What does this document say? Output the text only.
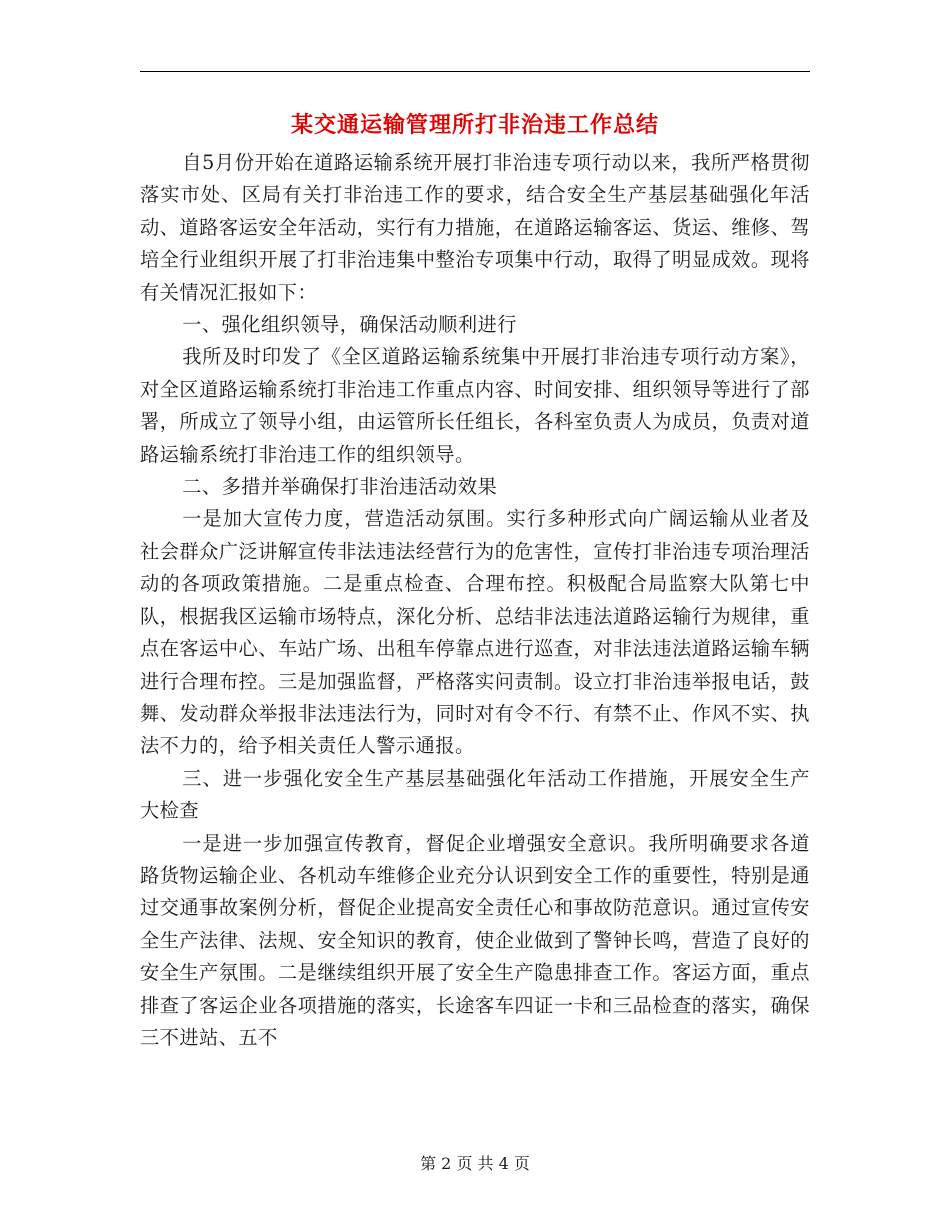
某交通运输管理所打非治违工作总结

自5月份开始在道路运输系统开展打非治违专项行动以来，我所严格贯彻落实市处、区局有关打非治违工作的要求，结合安全生产基层基础强化年活动、道路客运安全年活动，实行有力措施，在道路运输客运、货运、维修、驾培全行业组织开展了打非治违集中整治专项集中行动，取得了明显成效。现将有关情况汇报如下：

一、强化组织领导，确保活动顺利进行

我所及时印发了《全区道路运输系统集中开展打非治违专项行动方案》，对全区道路运输系统打非治违工作重点内容、时间安排、组织领导等进行了部署，所成立了领导小组，由运管所长任组长，各科室负责人为成员，负责对道路运输系统打非治违工作的组织领导。

二、多措并举确保打非治违活动效果

一是加大宣传力度，营造活动氛围。实行多种形式向广阔运输从业者及社会群众广泛讲解宣传非法违法经营行为的危害性，宣传打非治违专项治理活动的各项政策措施。二是重点检查、合理布控。积极配合局监察大队第七中队，根据我区运输市场特点，深化分析、总结非法违法道路运输行为规律，重点在客运中心、车站广场、出租车停靠点进行巡查，对非法违法道路运输车辆进行合理布控。三是加强监督，严格落实问责制。设立打非治违举报电话，鼓舞、发动群众举报非法违法行为，同时对有令不行、有禁不止、作风不实、执法不力的，给予相关责任人警示通报。

三、进一步强化安全生产基层基础强化年活动工作措施，开展安全生产大检查

一是进一步加强宣传教育，督促企业增强安全意识。我所明确要求各道路货物运输企业、各机动车维修企业充分认识到安全工作的重要性，特别是通过交通事故案例分析，督促企业提高安全责任心和事故防范意识。通过宣传安全生产法律、法规、安全知识的教育，使企业做到了警钟长鸣，营造了良好的安全生产氛围。二是继续组织开展了安全生产隐患排查工作。客运方面，重点排查了客运企业各项措施的落实，长途客车四证一卡和三品检查的落实，确保三不进站、五不

第 2 页 共 4 页
